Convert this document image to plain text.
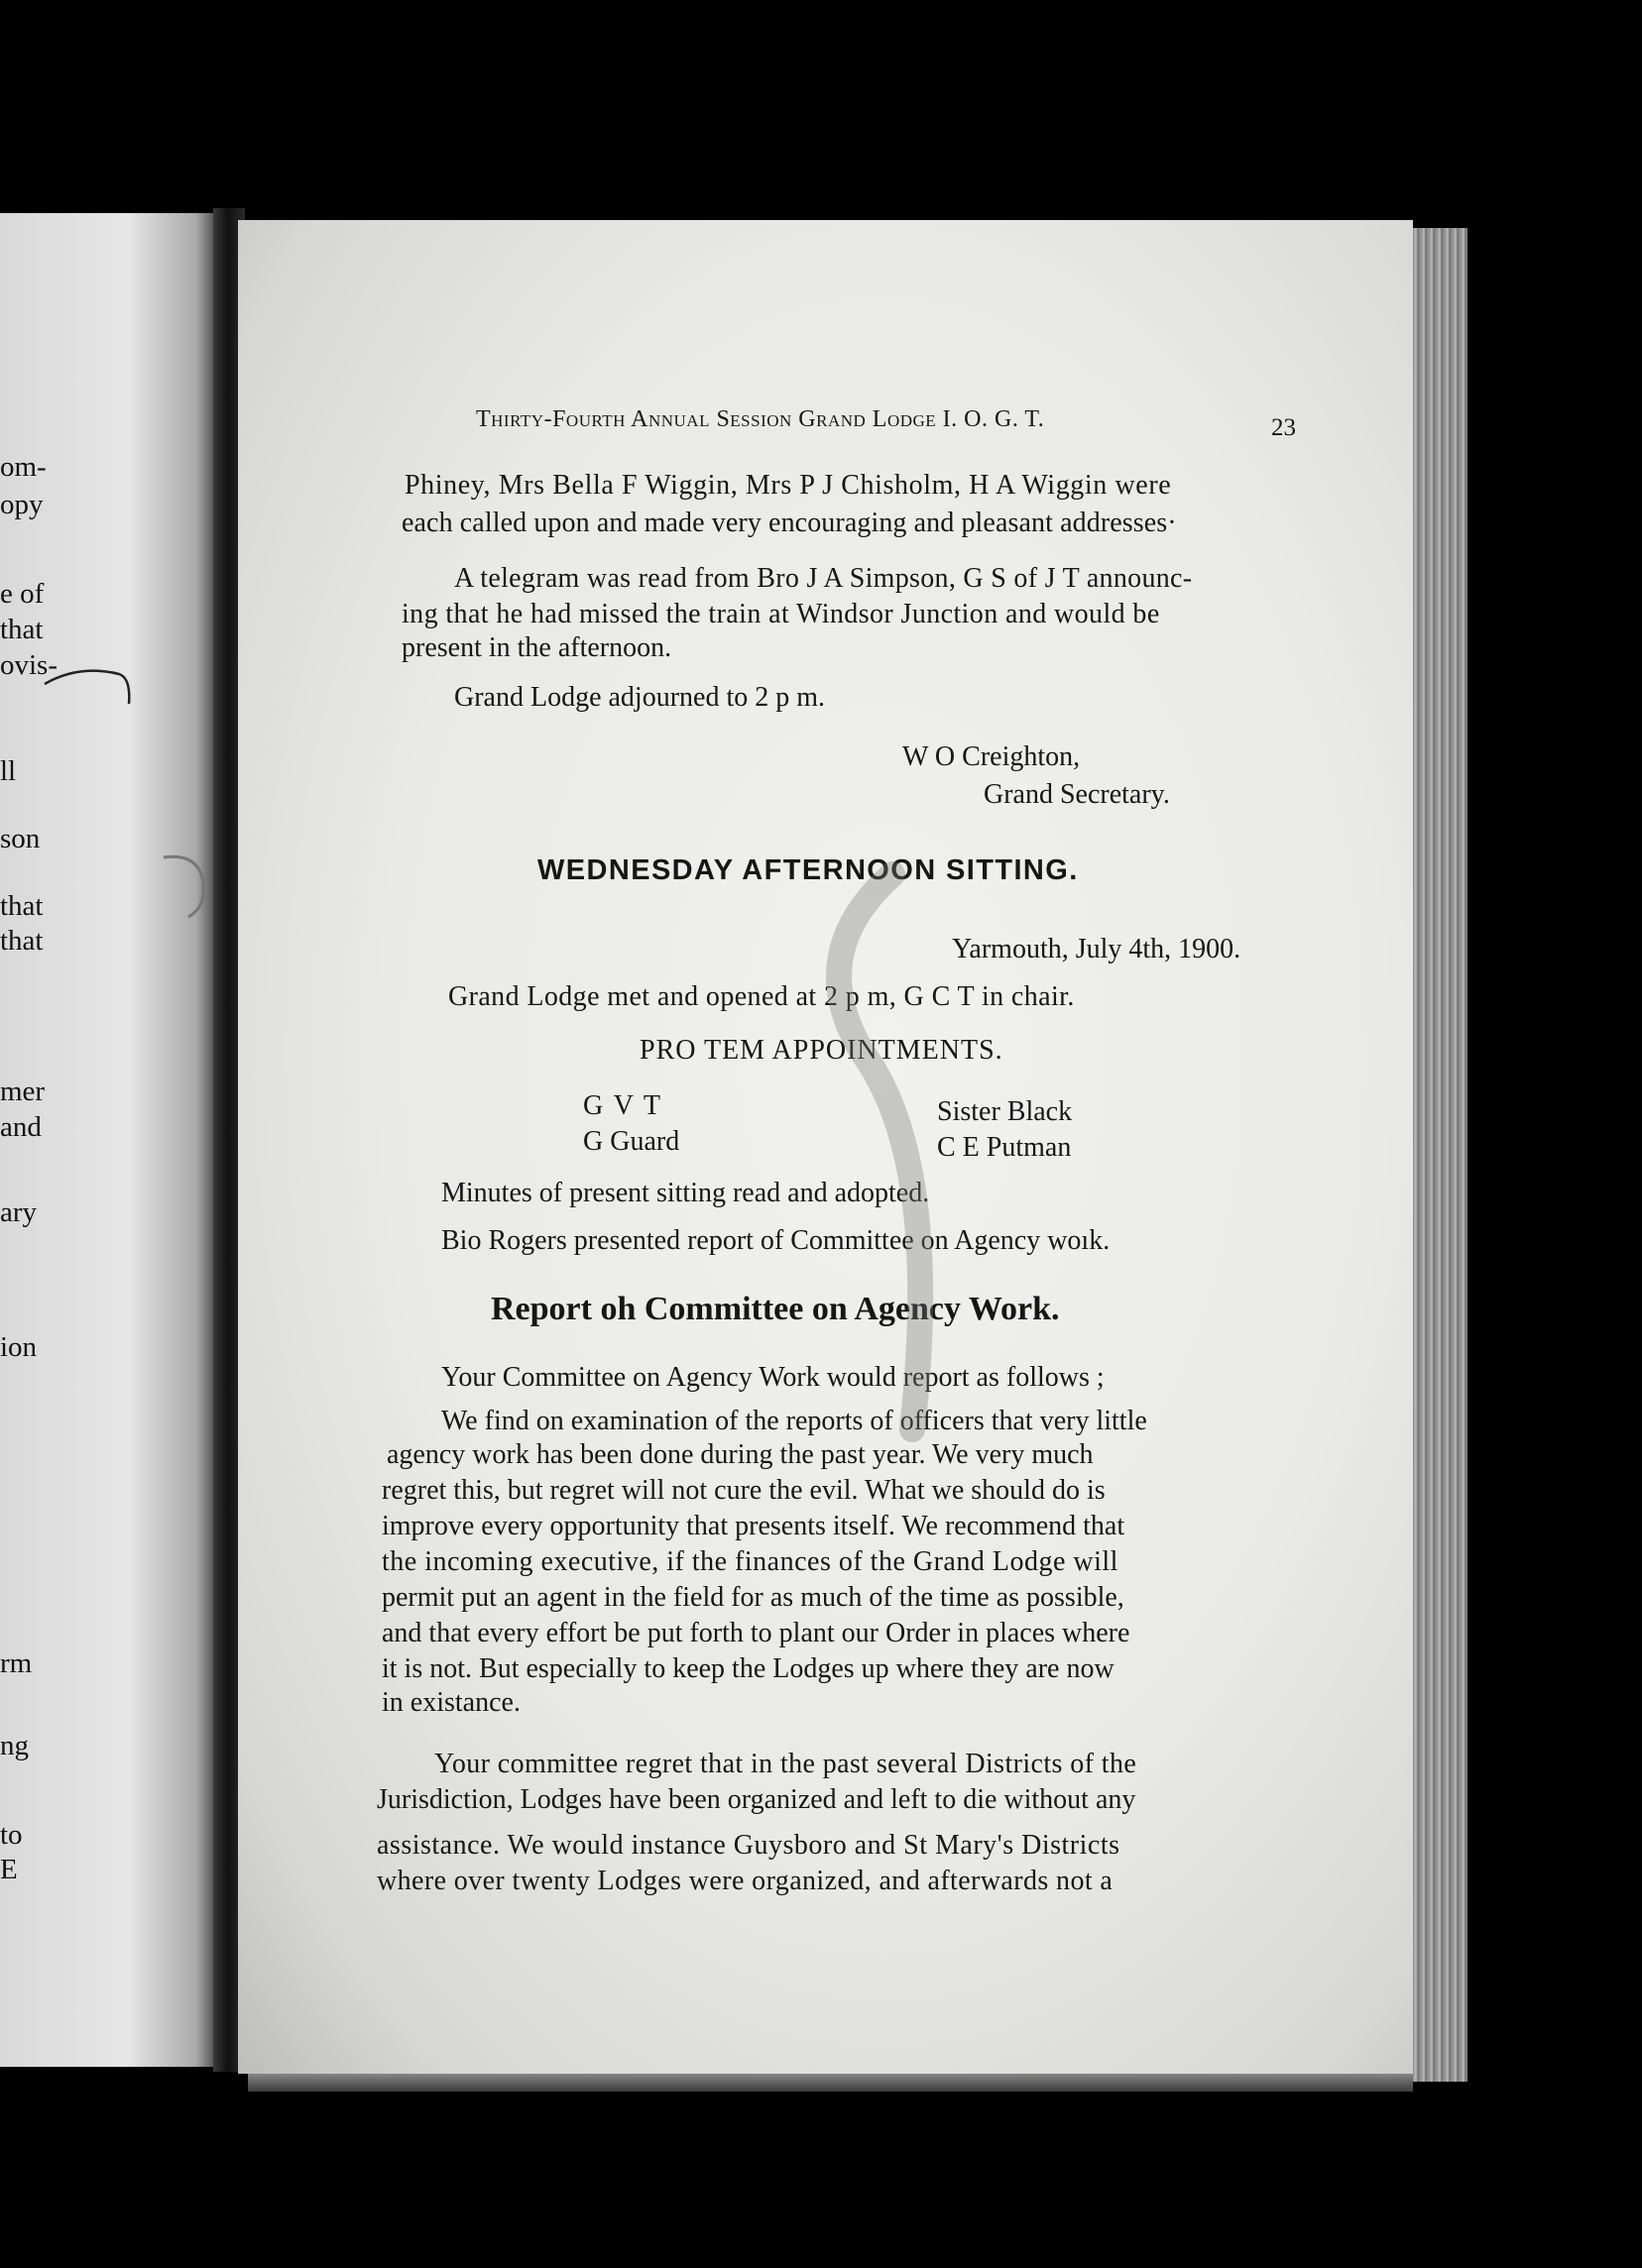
om-
opy
e of
that
ovis-
ll
son
that
that
mer
and
ary
ion
rm
ng
to
E
Thirty-Fourth Annual Session Grand Lodge I. O. G. T.	23
Phiney, Mrs Bella F Wiggin, Mrs P J Chisholm, H A Wiggin were
each called upon and made very encouraging and pleasant addresses·
A telegram was read from Bro J A Simpson, G S of J T announc-
ing that he had missed the train at Windsor Junction and would be
present in the afternoon.
Grand Lodge adjourned to 2 p m.
W O Creighton,
Grand Secretary.
WEDNESDAY AFTERNOON SITTING.
Yarmouth, July 4th, 1900.
Grand Lodge met and opened at 2 p m, G C T in chair.
PRO TEM APPOINTMENTS.
G V T	Sister Black
G Guard	C E Putman
Minutes of present sitting read and adopted.
Bio Rogers presented report of Committee on Agency woık.
Report oh Committee on Agency Work.
Your Committee on Agency Work would report as follows ;
We find on examination of the reports of officers that very little
agency work has been done during the past year. We very much
regret this, but regret will not cure the evil. What we should do is
improve every opportunity that presents itself. We recommend that
the incoming executive, if the finances of the Grand Lodge will
permit put an agent in the field for as much of the time as possible,
and that every effort be put forth to plant our Order in places where
it is not. But especially to keep the Lodges up where they are now
in existance.
Your committee regret that in the past several Districts of the
Jurisdiction, Lodges have been organized and left to die without any
assistance. We would instance Guysboro and St Mary's Districts
where over twenty Lodges were organized, and afterwards not a
